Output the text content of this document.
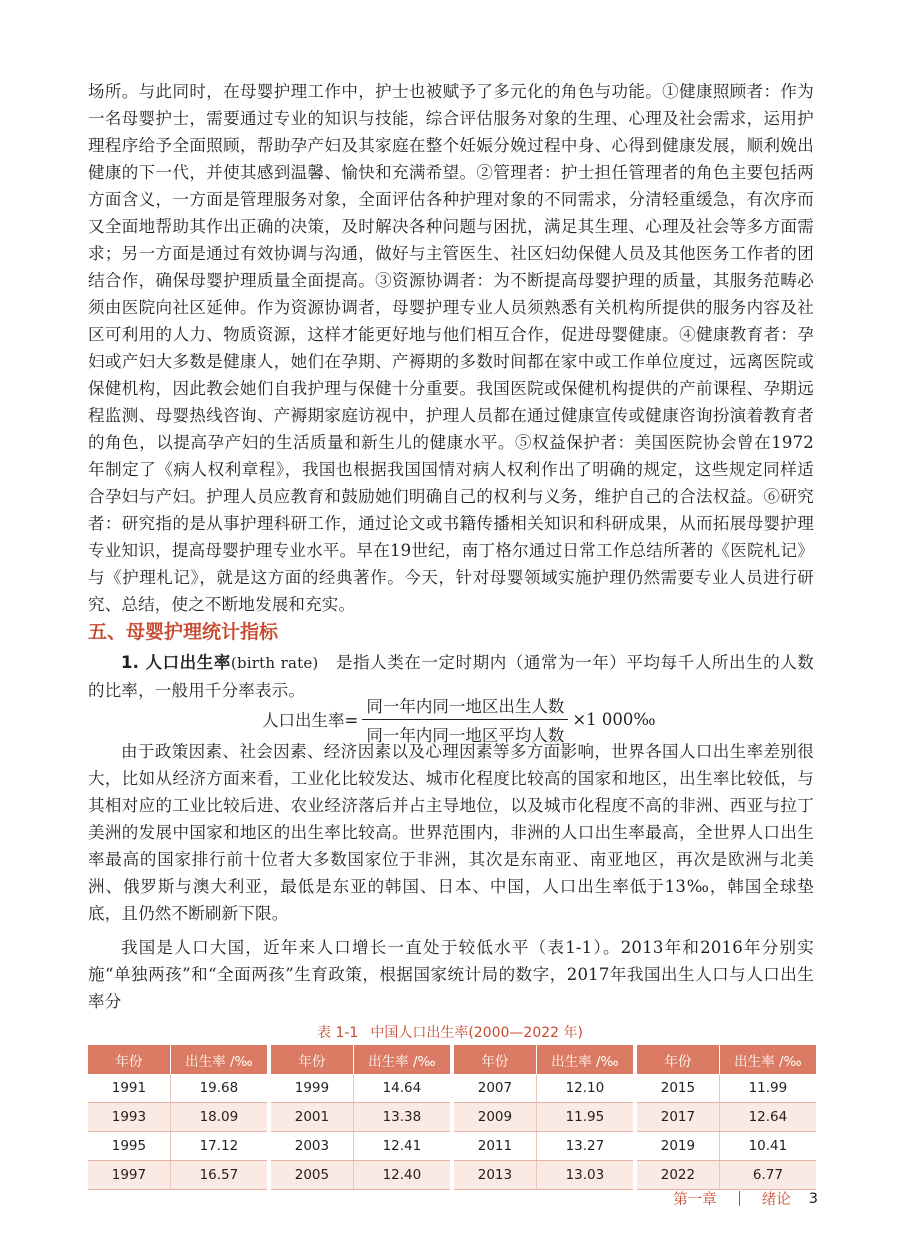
场所。与此同时，在母婴护理工作中，护士也被赋予了多元化的角色与功能。①健康照顾者：作为一名母婴护士，需要通过专业的知识与技能，综合评估服务对象的生理、心理及社会需求，运用护理程序给予全面照顾，帮助孕产妇及其家庭在整个妊娠分娩过程中身、心得到健康发展，顺利娩出健康的下一代，并使其感到温馨、愉快和充满希望。②管理者：护士担任管理者的角色主要包括两方面含义，一方面是管理服务对象，全面评估各种护理对象的不同需求，分清轻重缓急，有次序而又全面地帮助其作出正确的决策，及时解决各种问题与困扰，满足其生理、心理及社会等多方面需求；另一方面是通过有效协调与沟通，做好与主管医生、社区妇幼保健人员及其他医务工作者的团结合作，确保母婴护理质量全面提高。③资源协调者：为不断提高母婴护理的质量，其服务范畴必须由医院向社区延伸。作为资源协调者，母婴护理专业人员须熟悉有关机构所提供的服务内容及社区可利用的人力、物质资源，这样才能更好地与他们相互合作，促进母婴健康。④健康教育者：孕妇或产妇大多数是健康人，她们在孕期、产褥期的多数时间都在家中或工作单位度过，远离医院或保健机构，因此教会她们自我护理与保健十分重要。我国医院或保健机构提供的产前课程、孕期远程监测、母婴热线咨询、产褥期家庭访视中，护理人员都在通过健康宣传或健康咨询扮演着教育者的角色，以提高孕产妇的生活质量和新生儿的健康水平。⑤权益保护者：美国医院协会曾在1972年制定了《病人权利章程》，我国也根据我国国情对病人权利作出了明确的规定，这些规定同样适合孕妇与产妇。护理人员应教育和鼓励她们明确自己的权利与义务，维护自己的合法权益。⑥研究者：研究指的是从事护理科研工作，通过论文或书籍传播相关知识和科研成果，从而拓展母婴护理专业知识，提高母婴护理专业水平。早在19世纪，南丁格尔通过日常工作总结所著的《医院札记》与《护理札记》，就是这方面的经典著作。今天，针对母婴领域实施护理仍然需要专业人员进行研究、总结，使之不断地发展和充实。

五、母婴护理统计指标

1. 人口出生率(birth rate)　 是指人类在一定时期内（通常为一年）平均每千人所出生的人数的比率，一般用千分率表示。

人口出生率= $\frac{\text{同一年内同一地区出生人数}}{\text{同一年内同一地区平均人数}} \times 1$ 000‰

由于政策因素、社会因素、经济因素以及心理因素等多方面影响，世界各国人口出生率差别很大，比如从经济方面来看，工业化比较发达、城市化程度比较高的国家和地区，出生率比较低，与其相对应的工业比较后进、农业经济落后并占主导地位，以及城市化程度不高的非洲、西亚与拉丁美洲的发展中国家和地区的出生率比较高。世界范围内，非洲的人口出生率最高，全世界人口出生率最高的国家排行前十位者大多数国家位于非洲，其次是东南亚、南亚地区，再次是欧洲与北美洲、俄罗斯与澳大利亚，最低是东亚的韩国、日本、中国，人口出生率低于13‰，韩国全球垫底，且仍然不断刷新下限。

我国是人口大国，近年来人口增长一直处于较低水平（表1-1）。2013年和2016年分别实施“单独两孩”和“全面两孩”生育政策，根据国家统计局的数字，2017年我国出生人口与人口出生率分

表 1-1 中国人口出生率(2000—2022 年)
年份	出生率 /‰
1991	19.68
1993	18.09
1995	17.12
1997	16.57
年份	出生率 /‰
1999	14.64
2001	13.38
2003	12.41
2005	12.40
年份	出生率 /‰
2007	12.10
2009	11.95
2011	13.27
2013	13.03
年份	出生率 /‰
2015	11.99
2017	12.64
2019	10.41
2022	6.77
第一章	绪论 3
